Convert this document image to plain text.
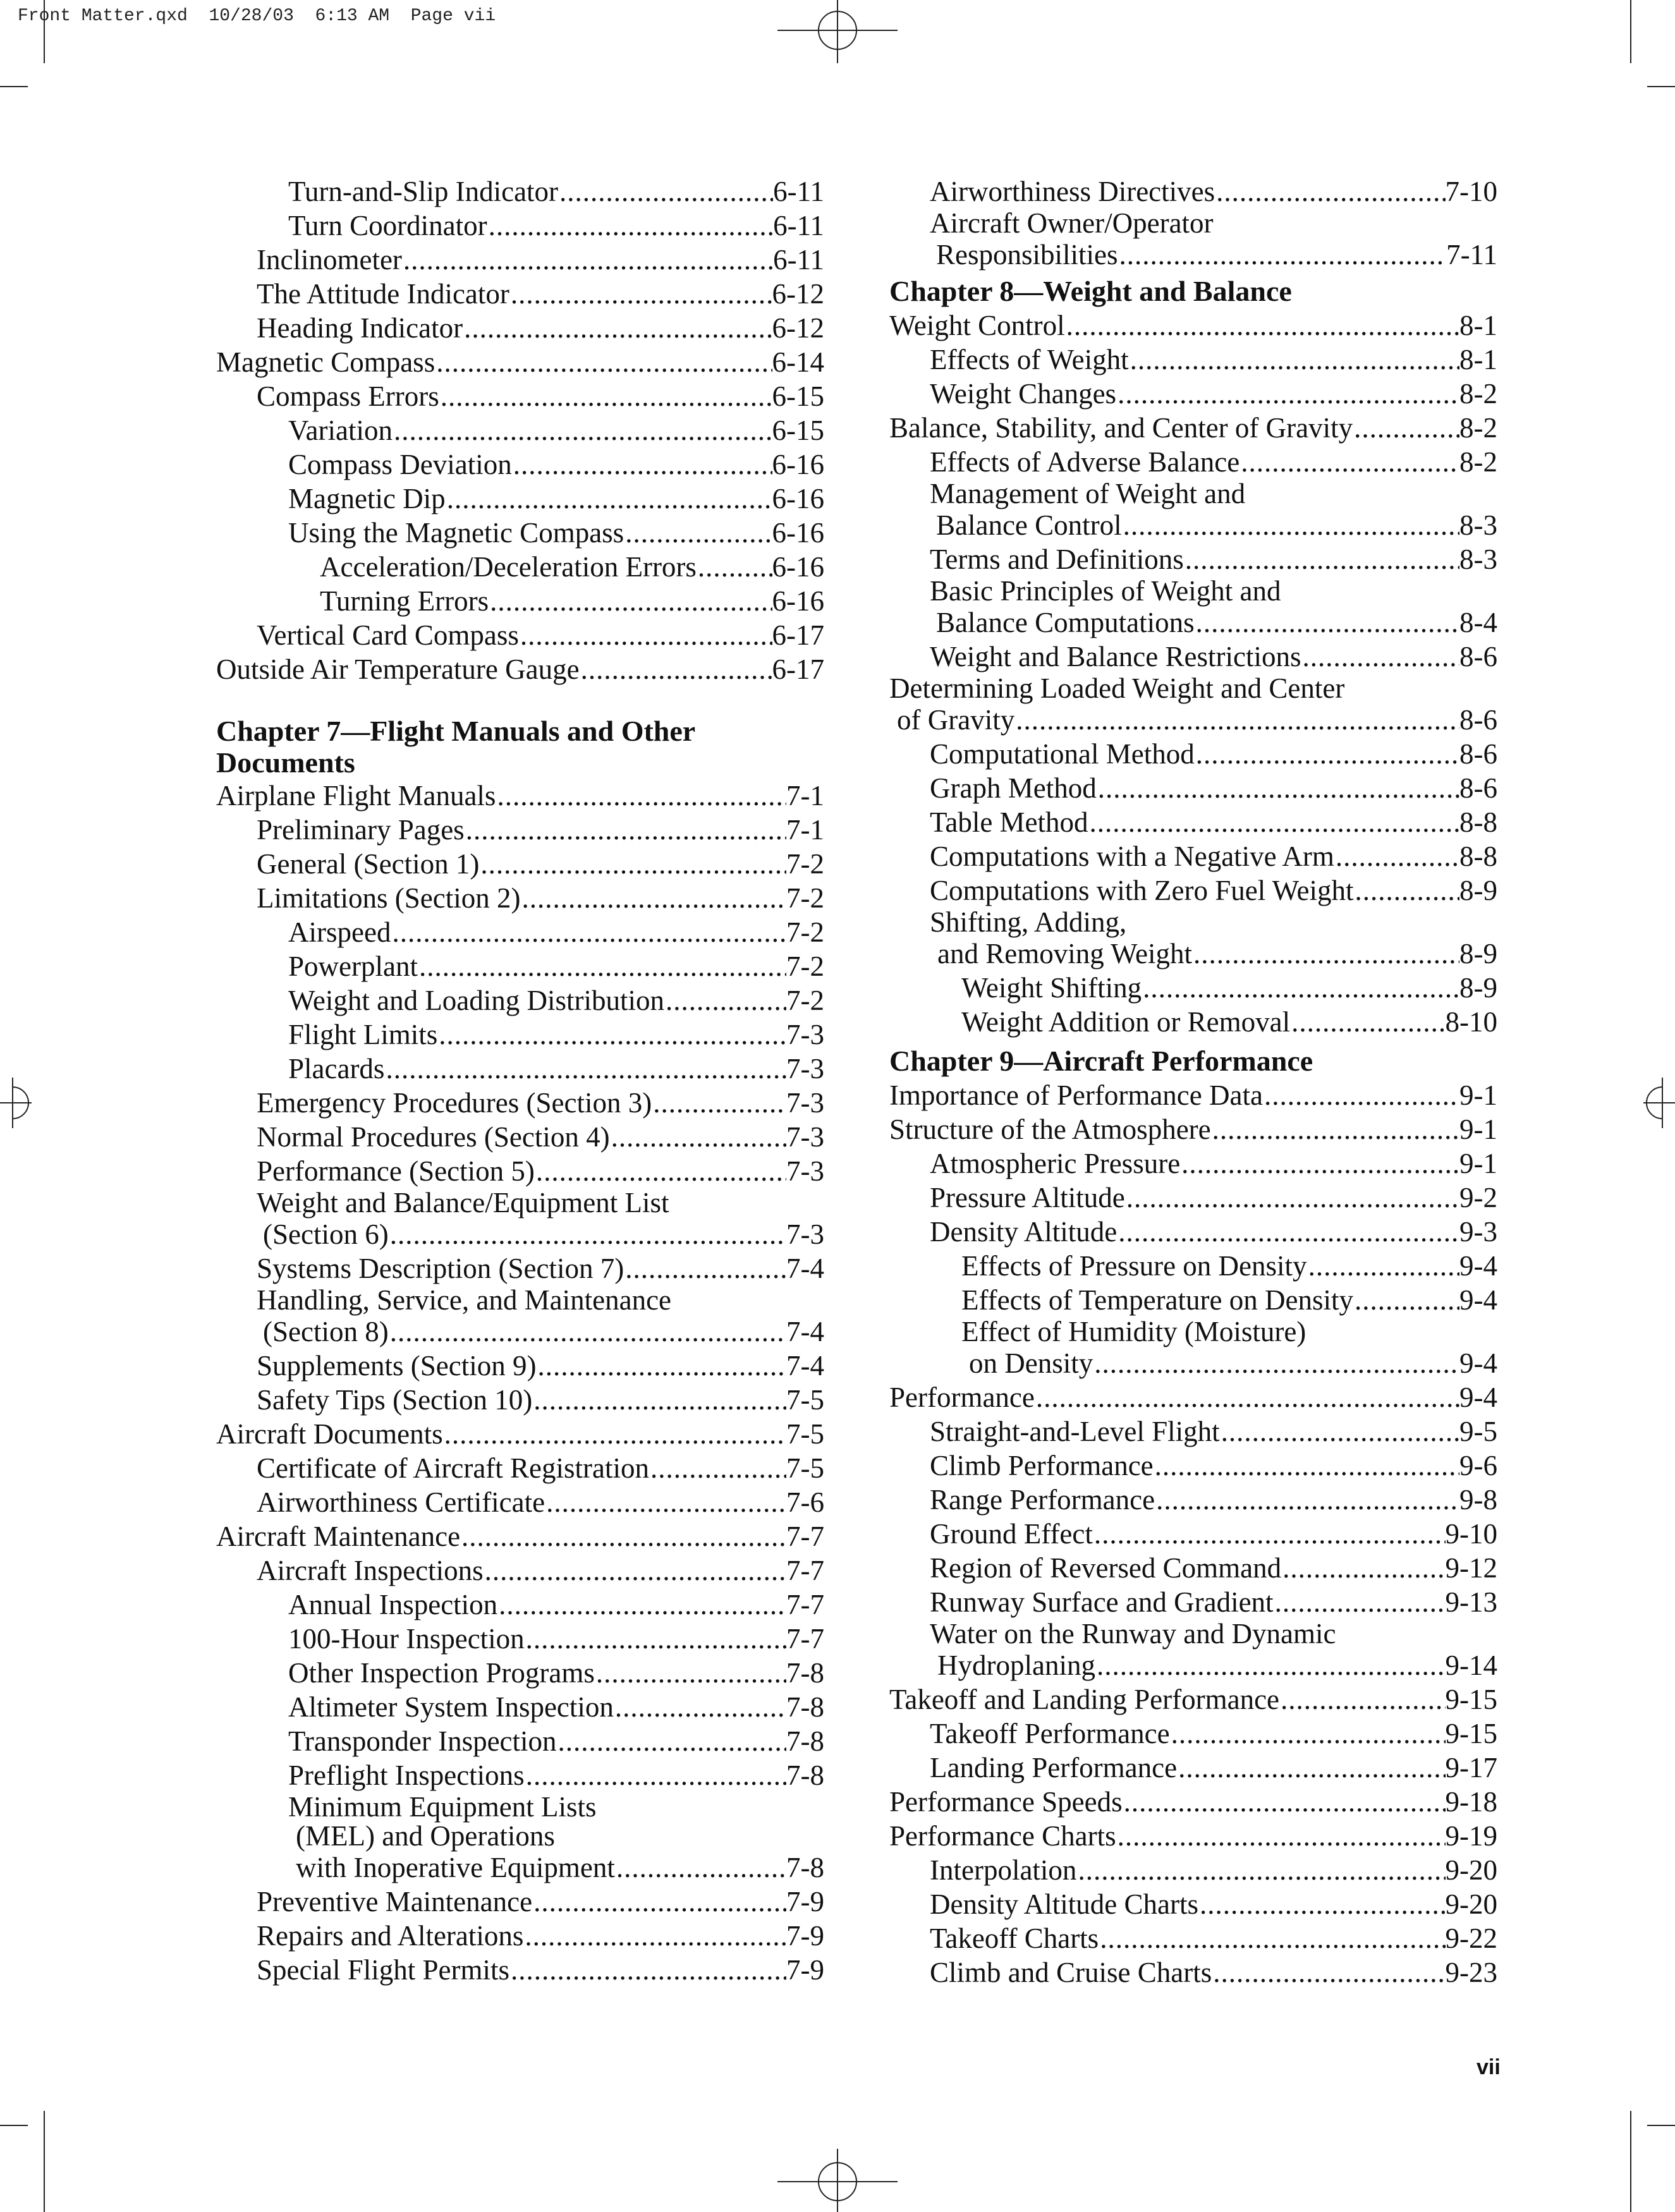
Front Matter.qxd  10/28/03  6:13 AM  Page vii
Turn-and-Slip Indicator .....	6-11
Turn Coordinator .....	6-11
Inclinometer .....	6-11
The Attitude Indicator .....	6-12
Heading Indicator .....	6-12
Magnetic Compass .....	6-14
Compass Errors .....	6-15
Variation .....	6-15
Compass Deviation .....	6-16
Magnetic Dip .....	6-16
Using the Magnetic Compass .....	6-16
Acceleration/Deceleration Errors .....	6-16
Turning Errors .....	6-16
Vertical Card Compass .....	6-17
Outside Air Temperature Gauge .....	6-17
Chapter 7—Flight Manuals and Other
Documents
Airplane Flight Manuals .....	7-1
Preliminary Pages .....	7-1
General (Section 1) .....	7-2
Limitations (Section 2) .....	7-2
Airspeed .....	7-2
Powerplant .....	7-2
Weight and Loading Distribution .....	7-2
Flight Limits .....	7-3
Placards .....	7-3
Emergency Procedures (Section 3) .....	7-3
Normal Procedures (Section 4) .....	7-3
Performance (Section 5) .....	7-3
Weight and Balance/Equipment List
(Section 6) .....	7-3
Systems Description (Section 7) .....	7-4
Handling, Service, and Maintenance
(Section 8) .....	7-4
Supplements (Section 9) .....	7-4
Safety Tips (Section 10) .....	7-5
Aircraft Documents .....	7-5
Certificate of Aircraft Registration .....	7-5
Airworthiness Certificate .....	7-6
Aircraft Maintenance .....	7-7
Aircraft Inspections .....	7-7
Annual Inspection .....	7-7
100-Hour Inspection .....	7-7
Other Inspection Programs .....	7-8
Altimeter System Inspection .....	7-8
Transponder Inspection .....	7-8
Preflight Inspections .....	7-8
Minimum Equipment Lists
(MEL) and Operations
with Inoperative Equipment .....	7-8
Preventive Maintenance .....	7-9
Repairs and Alterations .....	7-9
Special Flight Permits .....	7-9
Airworthiness Directives .....	7-10
Aircraft Owner/Operator
Responsibilities .....	7-11
Chapter 8—Weight and Balance
Weight Control .....	8-1
Effects of Weight .....	8-1
Weight Changes .....	8-2
Balance, Stability, and Center of Gravity .....	8-2
Effects of Adverse Balance .....	8-2
Management of Weight and
Balance Control .....	8-3
Terms and Definitions .....	8-3
Basic Principles of Weight and
Balance Computations .....	8-4
Weight and Balance Restrictions .....	8-6
Determining Loaded Weight and Center
of Gravity .....	8-6
Computational Method .....	8-6
Graph Method .....	8-6
Table Method .....	8-8
Computations with a Negative Arm .....	8-8
Computations with Zero Fuel Weight .....	8-9
Shifting, Adding,
and Removing Weight .....	8-9
Weight Shifting .....	8-9
Weight Addition or Removal .....	8-10
Chapter 9—Aircraft Performance
Importance of Performance Data .....	9-1
Structure of the Atmosphere .....	9-1
Atmospheric Pressure .....	9-1
Pressure Altitude .....	9-2
Density Altitude .....	9-3
Effects of Pressure on Density .....	9-4
Effects of Temperature on Density .....	9-4
Effect of Humidity (Moisture)
on Density .....	9-4
Performance .....	9-4
Straight-and-Level Flight .....	9-5
Climb Performance .....	9-6
Range Performance .....	9-8
Ground Effect .....	9-10
Region of Reversed Command .....	9-12
Runway Surface and Gradient .....	9-13
Water on the Runway and Dynamic
Hydroplaning .....	9-14
Takeoff and Landing Performance .....	9-15
Takeoff Performance .....	9-15
Landing Performance .....	9-17
Performance Speeds .....	9-18
Performance Charts .....	9-19
Interpolation .....	9-20
Density Altitude Charts .....	9-20
Takeoff Charts .....	9-22
Climb and Cruise Charts .....	9-23
vii
